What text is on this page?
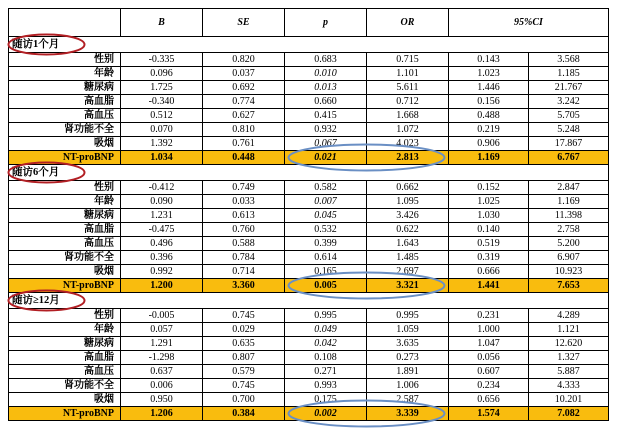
	B	SE	p	OR	95%CI	
随访1个月						
性别	-0.335	0.820	0.683	0.715	0.143	3.568
年龄	0.096	0.037	0.010	1.101	1.023	1.185
糖尿病	1.725	0.692	0.013	5.611	1.446	21.767
高血脂	-0.340	0.774	0.660	0.712	0.156	3.242
高血压	0.512	0.627	0.415	1.668	0.488	5.705
肾功能不全	0.070	0.810	0.932	1.072	0.219	5.248
吸烟	1.392	0.761	0.067	4.023	0.906	17.867
NT-proBNP	1.034	0.448	0.021	2.813	1.169	6.767
随访6个月						
性别	-0.412	0.749	0.582	0.662	0.152	2.847
年龄	0.090	0.033	0.007	1.095	1.025	1.169
糖尿病	1.231	0.613	0.045	3.426	1.030	11.398
高血脂	-0.475	0.760	0.532	0.622	0.140	2.758
高血压	0.496	0.588	0.399	1.643	0.519	5.200
肾功能不全	0.396	0.784	0.614	1.485	0.319	6.907
吸烟	0.992	0.714	0.165	2.697	0.666	10.923
NT-proBNP	1.200	3.360	0.005	3.321	1.441	7.653
随访≥12月						
性别	-0.005	0.745	0.995	0.995	0.231	4.289
年龄	0.057	0.029	0.049	1.059	1.000	1.121
糖尿病	1.291	0.635	0.042	3.635	1.047	12.620
高血脂	-1.298	0.807	0.108	0.273	0.056	1.327
高血压	0.637	0.579	0.271	1.891	0.607	5.887
肾功能不全	0.006	0.745	0.993	1.006	0.234	4.333
吸烟	0.950	0.700	0.175	2.587	0.656	10.201
NT-proBNP	1.206	0.384	0.002	3.339	1.574	7.082
